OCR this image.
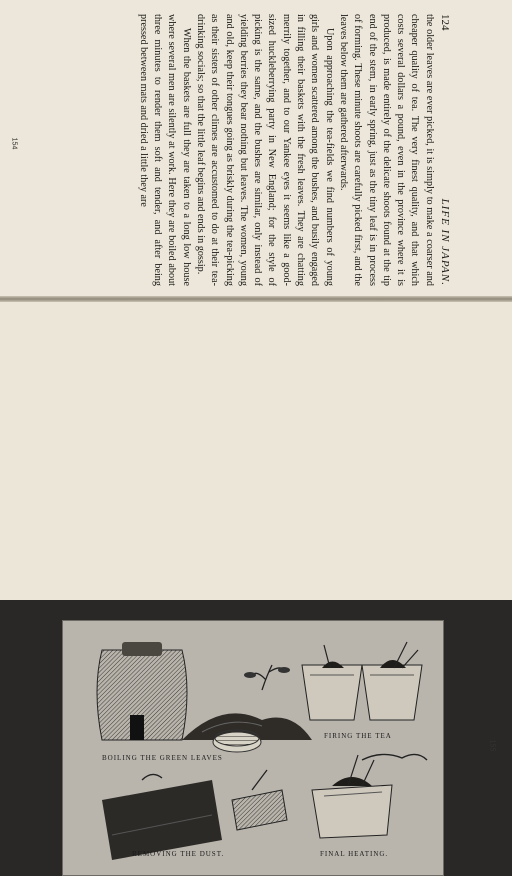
124
LIFE IN JAPAN.

the older leaves are ever picked, it is simply to make a coarser and cheaper quality of tea. The very finest quality, and that which costs several dollars a pound, even in the province where it is produced, is made entirely of the delicate shoots found at the tip end of the stem, in early spring, just as the tiny leaf is in process of forming. These minute shoots are carefully picked first, and the leaves below them are gathered afterwards.

Upon approaching the tea-fields we find numbers of young girls and women scattered among the bushes, and busily engaged in filling their baskets with the fresh leaves. They are chatting merrily together, and to our Yankee eyes it seems like a good-sized huckleberrying party in New England; for the style of picking is the same, and the bushes are similar, only instead of yielding berries they bear nothing but leaves. The women, young and old, keep their tongues going as briskly during the tea-picking as their sisters of other climes are accustomed to do at their tea-drinking socials; so that the little leaf begins and ends in gossip.

When the baskets are full they are taken to a long low house where several men are silently at work. Here they are boiled about three minutes to render them soft and tender, and after being pressed between mats and dried a little they are

154
BOILING THE GREEN LEAVES
FIRING THE TEA
REMOVING THE DUST.	FINAL HEATING.
155
